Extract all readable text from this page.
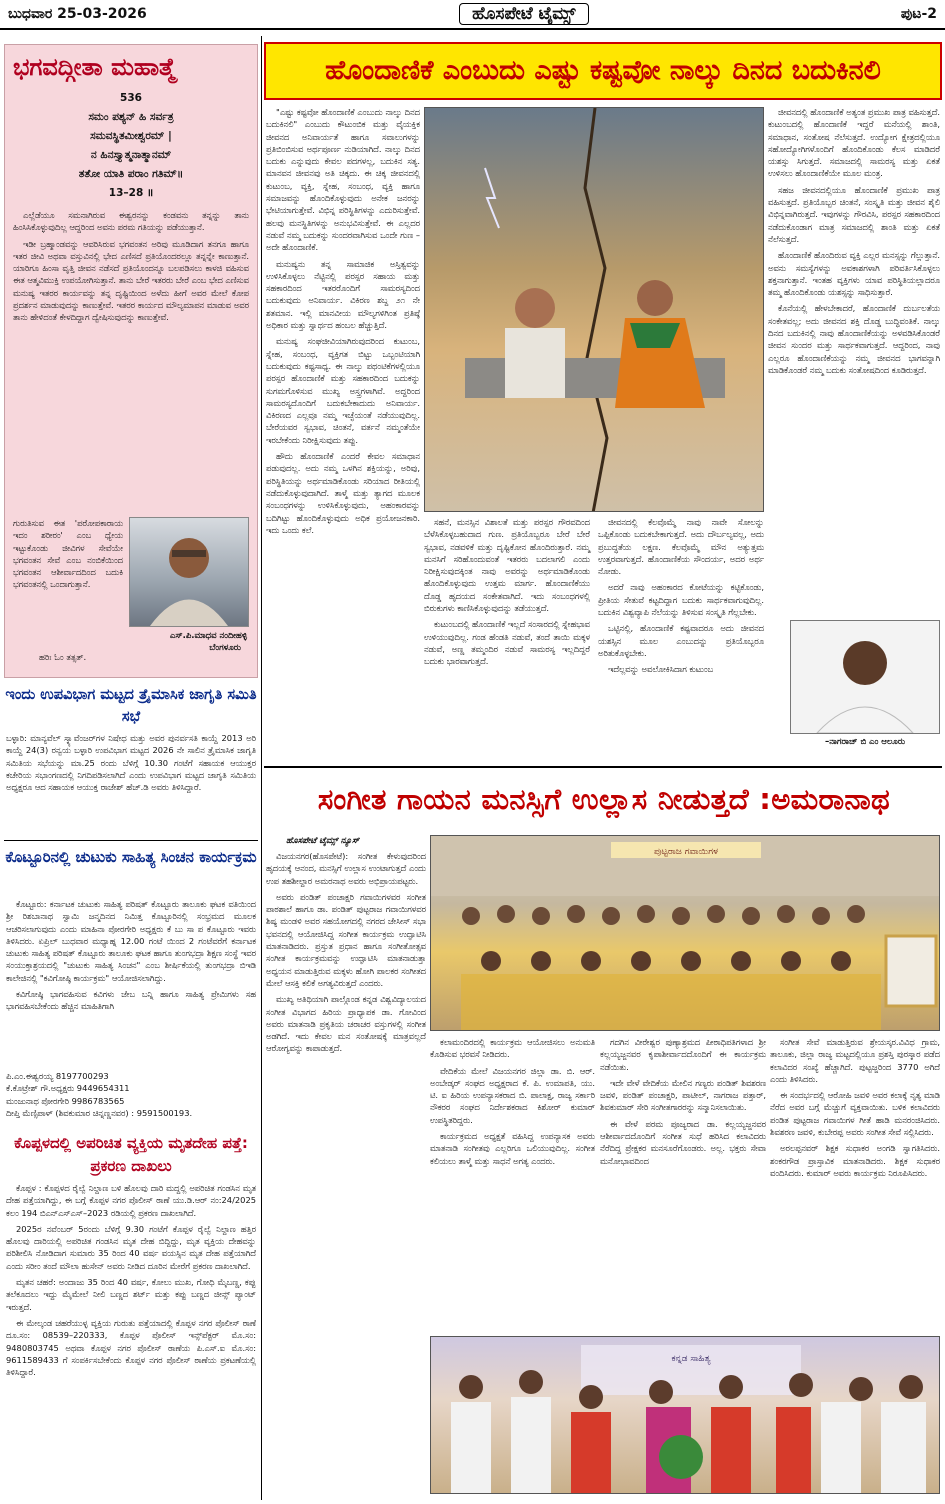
ಬುಧವಾರ 25-03-2026	ಹೊಸಪೇಟೆ ಟೈಮ್ಸ್	ಪುಟ-2
ಭಗವದ್ಗೀತಾ ಮಹಾತ್ಮೆ
536
ಸಮಂ ಪಶ್ಯನ್ ಹಿ ಸರ್ವತ್ರ
ಸಮವಸ್ಥಿತಮೀಶ್ವರಮ್ |
ನ ಹಿನಸ್ತ್ಯಾತ್ಮನಾತ್ಮಾನಮ್
ತತೋ ಯಾತಿ ಪರಾಂ ಗತಿಮ್॥
13–28 ॥

ಎಲ್ಲೆಡೆಯೂ ಸಮನಾಗಿರುವ ಈಶ್ವರನನ್ನು ಕಂಡವನು ತನ್ನನ್ನು ತಾನು ಹಿಂಸಿಸಿಕೊಳ್ಳುವುದಿಲ್ಲ ಆದ್ದರಿಂದ ಅವನು ಪರಮ ಗತಿಯನ್ನು ಪಡೆಯುತ್ತಾನೆ.

ಇಡೀ ಬ್ರಹ್ಮಾಂಡವನ್ನು ಆವರಿಸಿರುವ ಭಗವಂತನ ಅರಿವು ಮೂಡಿದಾಗ ತನಗೂ ಹಾಗೂ ಇತರ ಜೀವಿ ಅಥವಾ ವಸ್ತುವಿನಲ್ಲಿ ಭೇದ ಎಣಿಸದೆ ಪ್ರತಿಯೊಂದರಲ್ಲೂ ತನ್ನನ್ನೇ ಕಾಣುತ್ತಾನೆ. ಯಾರಿಗೂ ಹಿಂಸಾ ವೃತ್ತಿ ಜೀವನ ನಡೆಸದೆ ಪ್ರತಿಯೊಂದನ್ನೂ ಬಲಪಡಿಸಲು ಕಾಳಜಿ ವಹಿಸುವ ಈತ ಆತ್ಮವಿಮುಕ್ತಿ ಉಪಯೋಗಿಸುತ್ತಾನೆ. ತಾನು ಬೇರೆ ಇತರರು ಬೇರೆ ಎಂಬ ಭೇದ ಎಣಿಸುವ ಮನುಷ್ಯ ಇತರರ ಕಾರ್ಯವನ್ನು ತನ್ನ ದೃಷ್ಟಿಯಿಂದ ಅಳೆದು ಹೀಗೆ ಅವರ ಮೇಲೆ ಕೋಪ ಪ್ರದರ್ಶನ ಮಾಡುವುದನ್ನು ಕಾಣುತ್ತೇವೆ. ಇತರರ ಕಾರ್ಯದ ಮೌಲ್ಯಮಾಪನ ಮಾಡುವ ಅವರ ತಾನು ಹೇಳಿದಂತೆ ಕೇಳದಿದ್ದಾಗ ದ್ವೇಷಿಸುವುದನ್ನು ಕಾಣುತ್ತೇವೆ.

ಗುರುತಿಸುವ ಈತ 'ಪರೋಪಕಾರಾಯ ಇದಂ ಶರೀರಂ' ಎಂಬ ಧ್ಯೇಯ ಇಟ್ಟುಕೊಂಡು ಜೀವಿಗಳ ಸೇವೆಯೇ ಭಗವಂತನ ಸೇವೆ ಎಂಬ ನಂಬಿಕೆಯಿಂದ ಭಗವಂತನ ಆಶೀರ್ವಾದದಿಂದ ಬದುಕಿ ಭಗವಂತನಲ್ಲಿ ಒಂದಾಗುತ್ತಾನೆ.
ಎಸ್.ಪಿ.ಮಾಧವ ನಂದೀಹಳ್ಳಿ
ಬೆಂಗಳೂರು
ಹರಿಃ ಓಂ ತತ್ಸತ್.
ಇಂದು ಉಪವಿಭಾಗ ಮಟ್ಟದ ತ್ರೈಮಾಸಿಕ ಜಾಗೃತಿ ಸಮಿತಿ ಸಭೆ
ಬಳ್ಳಾರಿ: ಮಾನ್ಯವೆಲ್ ಸ್ಕ್ಯಾವೆಂಜರ್‌ಗಳ ನಿಷೇಧ ಮತ್ತು ಅವರ ಪುನರ್ವಸತಿ ಕಾಯ್ದೆ 2013 ಅರಿ ಕಾಯ್ದೆ 24(3) ರನ್ವಯ ಬಳ್ಳಾರಿ ಉಪವಿಭಾಗ ಮಟ್ಟದ 2026 ನೇ ಸಾಲಿನ ತ್ರೈಮಾಸಿಕ ಜಾಗೃತಿ ಸಮಿತಿಯ ಸಭೆಯನ್ನು ಮಾ.25 ರಂದು ಬೆಳಿಗ್ಗೆ 10.30 ಗಂಟೆಗೆ ಸಹಾಯಕ ಆಯುಕ್ತರ ಕಚೇರಿಯ ಸಭಾಂಗಣದಲ್ಲಿ ನಿಗದಿಪಡಿಸಲಾಗಿದೆ ಎಂದು ಉಪವಿಭಾಗ ಮಟ್ಟದ ಜಾಗೃತಿ ಸಮಿತಿಯ ಅಧ್ಯಕ್ಷರೂ ಆದ ಸಹಾಯಕ ಆಯುಕ್ತ ರಾಜೇಶ್ ಹೆಚ್.ಡಿ ಅವರು ತಿಳಿಸಿದ್ದಾರೆ.
ಕೊಟ್ಟೂರಿನಲ್ಲಿ ಚುಟುಕು ಸಾಹಿತ್ಯ ಸಿಂಚನ ಕಾರ್ಯಕ್ರಮ

ಕೊಟ್ಟೂರು: ಕರ್ನಾಟಕ ಚುಟುಕು ಸಾಹಿತ್ಯ ಪರಿಷತ್ ಕೊಟ್ಟೂರು ತಾಲೂಕು ಘಟಕ ವತಿಯಿಂದ ಶ್ರೀ ರಿಶಬಾನಾಥ ಸ್ವಾಮಿ ಜನ್ಮದಿನದ ನಿಮಿತ್ತ ಕೊಟ್ಟೂರಿನಲ್ಲಿ ಸಂಭ್ರಮದ ಮೂಲಕ ಆಚರಿಸಲಾಗುವುದು ಎಂದು ಮಾಹಿನಾ ಪೋರಗೇರಿ ಅಧ್ಯಕ್ಷರು ಕೆ ಬು ಸಾ ಪ ಕೊಟ್ಟೂರು ಇವರು ತಿಳಿಸಿದರು. ಏಪ್ರಿಲ್ ಬುಧವಾರ ಮಧ್ಯಾಹ್ನ 12.00 ಗಂಟೆ ಯಿಂದ 2 ಗಂಟೆವರೆಗೆ ಕರ್ನಾಟಕ ಚುಟುಕು ಸಾಹಿತ್ಯ ಪರಿಷತ್ ಕೊಟ್ಟೂರು ತಾಲೂಕು ಘಟಕ ಹಾಗೂ ತುಂಗಭದ್ರಾ ಶಿಕ್ಷಣ ಸಂಸ್ಥೆ ಇವರ ಸಂಯುಕ್ತಾಶ್ರಯದಲ್ಲಿ "ಚುಟುಕು ಸಾಹಿತ್ಯ ಸಿಂಚನ" ಎಂಬ ಶೀರ್ಷಿಕೆಯಲ್ಲಿ ತುಂಗಭದ್ರಾ ಬಿಇಡಿ ಕಾಲೇಜಿನಲ್ಲಿ "ಕವಿಗೋಷ್ಠಿ ಕಾರ್ಯಕ್ರಮ" ಆಯೋಜಿಸಲಾಗಿದ್ದು.

ಕವಿಗೋಷ್ಠಿ ಭಾಗವಹಿಸುವ ಕವಿಗಳು ಜೇಬ ಬನ್ನಿ ಹಾಗೂ ಸಾಹಿತ್ಯ ಪ್ರೇಮಿಗಳು ಸಹ ಭಾಗವಹಿಸಬೇಕೆಂದು ಹೆಚ್ಚಿನ ಮಾಹಿತಿಗಾಗಿ

ಪಿ.ಎಂ.ಈಶ್ವರಯ್ಯ 8197700293
ಕೆ.ಕೊಟ್ರೇಶ್ ಗೌ.ಅಧ್ಯಕ್ಷರು 9449654311
ಮಂಜುನಾಥ ಪೋರಗೇರಿ 9986783565
ದೀಪ್ತಿ ಮೆಣ್ಸಿಪಾಳ್ (ಶಿವಕುಮಾರ ಚಿನ್ನಣ್ಣನವರ) : 9591500193.
ಕೊಪ್ಪಳದಲ್ಲಿ ಅಪರಿಚಿತ ವ್ಯಕ್ತಿಯ ಮೃತದೇಹ ಪತ್ತೆ: ಪ್ರಕರಣ ದಾಖಲು

ಕೊಪ್ಪಳ : ಕೊಪ್ಪಳದ ರೈಲ್ವೆ ನಿಲ್ದಾಣ ಬಳಿ ಹೊಲವು ದಾರಿ ಮದ್ದಲ್ಲಿ ಅಪರಿಚಿತ ಗಂಡಸಿನ ಮೃತ ದೇಹ ಪತ್ತೆಯಾಗಿದ್ದು, ಈ ಬಗ್ಗೆ ಕೊಪ್ಪಳ ನಗರ ಪೊಲೀಸ್ ಠಾಣೆ ಯು.ಡಿ.ಆರ್ ನಂ:24/2025 ಕಲಂ 194 ಬಿಎನ್‌ಎಸ್‌ಎಸ್–2023 ರಡಿಯಲ್ಲಿ ಪ್ರಕರಣ ದಾಖಲಾಗಿದೆ.

2025ರ ನವೆಂಬರ್ 5ರಂದು ಬೆಳಿಗ್ಗೆ 9.30 ಗಂಟೆಗೆ ಕೊಪ್ಪಳ ರೈಲ್ವೆ ನಿಲ್ದಾಣ ಹತ್ತಿರ ಹೊಲವು ದಾರಿಯಲ್ಲಿ ಅಪರಿಚಿತ ಗಂಡಸಿನ ಮೃತ ದೇಹ ಬಿದ್ದಿದ್ದು, ಮೃತ ವ್ಯಕ್ತಿಯ ದೇಹವನ್ನು ಪರಿಶೀಲಿಸಿ ನೋಡಿದಾಗ ಸುಮಾರು 35 ರಿಂದ 40 ವರ್ಷ ವಯಸ್ಸಿನ ಮೃತ ದೇಹ ಪತ್ತೆಯಾಗಿದೆ ಎಂದು ಸರೀಂ ತಂದೆ ಮೌಲಾ ಹುಸೇನ್ ಅವರು ನೀಡಿದ ದೂರಿನ ಮೇರೆಗೆ ಪ್ರಕರಣ ದಾಖಲಾಗಿದೆ.

ಮೃತನ ಚಹರೆ: ಅಂದಾಜು 35 ರಿಂದ 40 ವರ್ಷ, ಕೋಲು ಮುಖ, ಗೋಧಿ ಮೈಬಣ್ಣ, ಕಪ್ಪು ತಲೆಕೂದಲು ಇದ್ದು ಮೈಮೇಲೆ ನೀಲಿ ಬಣ್ಣದ ಶರ್ಟ್ ಮತ್ತು ಕಪ್ಪು ಬಣ್ಣದ ಜೀನ್ಸ್ ಪ್ಯಾಂಟ್ ಇರುತ್ತದೆ.

ಈ ಮೇಲ್ಕಂಡ ಚಹರೆಯುಳ್ಳ ವ್ಯಕ್ತಿಯ ಗುರುತು ಪತ್ತೆಯಾದಲ್ಲಿ ಕೊಪ್ಪಳ ನಗರ ಪೊಲೀಸ್ ಠಾಣೆ ದೂ.ಸಂ: 08539–220333, ಕೊಪ್ಪಳ ಪೊಲೀಸ್ ಇನ್ಸ್‌ಪೆಕ್ಟರ್ ಮೊ.ಸಂ: 9480803745 ಅಥವಾ ಕೊಪ್ಪಳ ನಗರ ಪೊಲೀಸ್ ಠಾಣೆಯ ಪಿ.ಎಸ್.ಐ ಮೊ.ಸಂ: 9611589433 ಗೆ ಸಂಪರ್ಕಿಸಬೇಕೆಂದು ಕೊಪ್ಪಳ ನಗರ ಪೊಲೀಸ್ ಠಾಣೆಯ ಪ್ರಕಟಣೆಯಲ್ಲಿ ತಿಳಿಸಿದ್ದಾರೆ.

ಹೊಂದಾಣಿಕೆ ಎಂಬುದು ಎಷ್ಟು ಕಷ್ಟವೋ ನಾಲ್ಕು ದಿನದ ಬದುಕಿನಲಿ

"ಎಷ್ಟು ಕಷ್ಟವೋ ಹೊಂದಾಣಿಕೆ ಎಂಬುದು ನಾಲ್ಕು ದಿನದ ಬದುಕಿನಲಿ" ಎಂಬುದು ಕೌಟುಂಬಿಕ ಮತ್ತು ವೈಯಕ್ತಿಕ ಜೀವನದ ಅನಿವಾರ್ಯತೆ ಹಾಗೂ ಸವಾಲುಗಳನ್ನು ಪ್ರತಿಬಿಂಬಿಸುವ ಅರ್ಥಪೂರ್ಣ ನುಡಿಯಾಗಿದೆ. ನಾಲ್ಕು ದಿನದ ಬದುಕು ಎನ್ನುವುದು ಕೇವಲ ಪದಗಳಲ್ಲ, ಬದುಕಿನ ಸತ್ಯ. ಮಾನವನ ಜೀವನವು ಅತಿ ಚಿಕ್ಕದು. ಈ ಚಿಕ್ಕ ಜೀವನದಲ್ಲಿ ಕುಟುಂಬ, ವ್ಯಕ್ತಿ, ಸ್ನೇಹ, ಸಂಬಂಧ, ವ್ಯಕ್ತಿ ಹಾಗೂ ಸಮಾಜವನ್ನು ಹೊಂದಿಕೊಳ್ಳುವುದು ಅನೇಕ ಜನರನ್ನು ಭೇಟಿಯಾಗುತ್ತೇವೆ. ವಿಭಿನ್ನ ಪರಿಸ್ಥಿತಿಗಳನ್ನು ಎದುರಿಸುತ್ತೇವೆ. ಹಲವು ಮನಸ್ಥಿತಿಗಳನ್ನು ಅನುಭವಿಸುತ್ತೇವೆ. ಈ ಎಲ್ಲದರ ನಡುವೆ ನಮ್ಮ ಬದುಕನ್ನು ಸುಂದರವಾಗಿಸುವ ಒಂದೇ ಗುಣ – ಅದೇ ಹೊಂದಾಣಿಕೆ.

ಮನುಷ್ಯನು ತನ್ನ ಸಾಮಾಜಿಕ ಅಸ್ತಿತ್ವವನ್ನು ಉಳಿಸಿಕೊಳ್ಳಲು ನೆಟ್ಟಿನಲ್ಲಿ ಪರಸ್ಪರ ಸಹಾಯ ಮತ್ತು ಸಹಕಾರದಿಂದ ಇತರರೊಂದಿಗೆ ಸಾಮರಸ್ಯದಿಂದ ಬದುಕುವುದು ಅನಿವಾರ್ಯ. ವಿಕಿರಣ ಶಬ್ದ ೨೧ ನೇ ಶತಮಾನ. ಇಲ್ಲಿ ಮಾನವೀಯ ಮೌಲ್ಯಗಳಿಗಿಂತ ಪ್ರತಿಷ್ಠೆ ಅಧಿಕಾರ ಮತ್ತು ಸ್ವಾರ್ಥದ ಹಂಬಲ ಹೆಚ್ಚುತ್ತಿದೆ.

ಮನುಷ್ಯ ಸಂಘಜೀವಿಯಾಗಿರುವುದರಿಂದ ಕುಟುಂಬ, ಸ್ನೇಹ, ಸಂಬಂಧ, ವ್ಯಕ್ತಿಗತ ಬಿಟ್ಟು ಒಬ್ಬಂಟಿಯಾಗಿ ಬದುಕುವುದು ಕಷ್ಟಸಾಧ್ಯ. ಈ ನಾಲ್ಕು ಪಥಂಟಿಕೆಗಳಲ್ಲಿಯೂ ಪರಸ್ಪರ ಹೊಂದಾಣಿಕೆ ಮತ್ತು ಸಹಕಾರದಿಂದ ಬದುಕನ್ನು ಸುಗಮಗೊಳಿಸುವ ಮುಖ್ಯ ಅಸ್ತ್ರಗಳಾಗಿವೆ. ಅದ್ದರಿಂದ ಸಾಮರಸ್ಯದೊಂದಿಗೆ ಬದುಕಬೇಕಾದುದು ಅನಿವಾರ್ಯ. ವಿಕಿರಣದ ಎಲ್ಲವೂ ನಮ್ಮ ಇಚ್ಛೆಯಂತೆ ನಡೆಯುವುದಿಲ್ಲ. ಬೇರೆಯವರ ಸ್ವಭಾವ, ಚಿಂತನೆ, ವರ್ತನೆ ನಮ್ಮಂತೆಯೇ ಇರಬೇಕೆಂದು ನಿರೀಕ್ಷಿಸುವುದು ತಪ್ಪು.

ಹೌದು ಹೊಂದಾಣಿಕೆ ಎಂದರೆ ಕೇವಲ ಸಮಾಧಾನ ಪಡುವುದಲ್ಲ. ಅದು ನಮ್ಮ ಒಳಗಿನ ಶಕ್ತಿಯನ್ನು, ಅರಿವು, ಪರಿಸ್ಥಿತಿಯನ್ನು ಅರ್ಥಮಾಡಿಕೊಂಡು ಸರಿಯಾದ ರೀತಿಯಲ್ಲಿ ನಡೆದುಕೊಳ್ಳುವುದಾಗಿದೆ. ತಾಳ್ಮೆ ಮತ್ತು ತ್ಯಾಗದ ಮೂಲಕ ಸಂಬಂಧಗಳನ್ನು ಉಳಿಸಿಕೊಳ್ಳುವುದು, ಅಹಂಕಾರವನ್ನು ಬದಿಗಿಟ್ಟು ಹೊಂದಿಕೊಳ್ಳುವುದು ಅಧಿಕ ಪ್ರಯೋಜನಕಾರಿ. ಇದು ಒಂದು ಕಲೆ.

ಸಹನೆ, ಮನಸ್ಸಿನ ವಿಶಾಲತೆ ಮತ್ತು ಪರಸ್ಪರ ಗೌರವದಿಂದ ಬೆಳೆಸಿಕೊಳ್ಳಬಹುದಾದ ಗುಣ. ಪ್ರತಿಯೊಬ್ಬರೂ ಬೇರೆ ಬೇರೆ ಸ್ವಭಾವ, ನಡವಳಿಕೆ ಮತ್ತು ದೃಷ್ಟಿಕೋನ ಹೊಂದಿರುತ್ತಾರೆ. ನಮ್ಮ ಮನಸಿಗೆ ಸರಿಹೊಂದುವಂತೆ ಇತರರು ಬದಲಾಗಲಿ ಎಂದು ನಿರೀಕ್ಷಿಸುವುದಕ್ಕಿಂತ ನಾವು ಅವರನ್ನು ಅರ್ಥಮಾಡಿಕೊಂಡು ಹೊಂದಿಕೊಳ್ಳುವುದು ಉತ್ತಮ ಮಾರ್ಗ. ಹೊಂದಾಣಿಕೆಯು ದೊಡ್ಡ ಹೃದಯದ ಸಂಕೇತವಾಗಿದೆ. ಇದು ಸಂಬಂಧಗಳಲ್ಲಿ ಬಿರುಕುಗಳು ಕಾಣಿಸಿಕೊಳ್ಳುವುದನ್ನು ತಡೆಯುತ್ತದೆ.

ಕುಟುಂಬದಲ್ಲಿ ಹೊಂದಾಣಿಕೆ ಇಲ್ಲದೆ ಸಂಸಾರದಲ್ಲಿ ಸ್ನೇಹಭಾವ ಉಳಿಯುವುದಿಲ್ಲ. ಗಂಡ ಹೆಂಡತಿ ನಡುವೆ, ತಂದೆ ತಾಯಿ ಮಕ್ಕಳ ನಡುವೆ, ಅಣ್ಣ ತಮ್ಮಂದಿರ ನಡುವೆ ಸಾಮರಸ್ಯ ಇಲ್ಲದಿದ್ದರೆ ಬದುಕು ಭಾರವಾಗುತ್ತದೆ.

ಜೀವನದಲ್ಲಿ ಕೆಲವೊಮ್ಮೆ ನಾವು ನಾವೇ ಸೋಲನ್ನು ಒಪ್ಪಿಕೊಂಡು ಬದುಕಬೇಕಾಗುತ್ತದೆ. ಅದು ದೌರ್ಬಲ್ಯವಲ್ಲ, ಅದು ಪ್ರಬುದ್ಧತೆಯ ಲಕ್ಷಣ. ಕೆಲವೊಮ್ಮೆ ಮೌನ ಅತ್ಯುತ್ತಮ ಉತ್ತರವಾಗುತ್ತದೆ. ಹೊಂದಾಣಿಕೆಯ ಸೌಂದರ್ಯ, ಅದರ ಅರ್ಥ ನೋಡು.

ಅದರೆ ನಾವು ಅಹಂಕಾರದ ಕೋಟೆಯನ್ನು ಕಟ್ಟಿಕೊಂಡು, ಪ್ರೀತಿಯ ಸೇತುವೆ ಕಟ್ಟದಿದ್ದಾಗ ಬದುಕು ಸಾರ್ಥಕವಾಗುವುದಿಲ್ಲ. ಬದುಕಿನ ವಿಶ್ವವ್ಯಾಪಿ ನೆಲೆಯನ್ನು ತಿಳಿಸುವ ಸಂಸ್ಕೃತಿ ಗೆಲ್ಲಬೇಕು.

ಒಟ್ಟಿನಲ್ಲಿ, ಹೊಂದಾಣಿಕೆ ಕಷ್ಟವಾದರೂ ಅದು ಜೀವನದ ಯಶಸ್ಸಿನ ಮೂಲ ಎಂಬುದನ್ನು ಪ್ರತಿಯೊಬ್ಬರೂ ಅರಿತುಕೊಳ್ಳಬೇಕು.

ಇದೆಲ್ಲವನ್ನು ಅವಲೋಕಿಸಿದಾಗ ಕುಟುಂಬ

ಜೀವನದಲ್ಲಿ ಹೊಂದಾಣಿಕೆ ಅತ್ಯಂತ ಪ್ರಮುಖ ಪಾತ್ರ ವಹಿಸುತ್ತದೆ. ಕುಟುಂಬದಲ್ಲಿ ಹೊಂದಾಣಿಕೆ ಇದ್ದರೆ ಮನೆಯಲ್ಲಿ ಶಾಂತಿ, ಸಮಾಧಾನ, ಸಂತೋಷ ನೆಲೆಸುತ್ತದೆ. ಉದ್ಯೋಗ ಕ್ಷೇತ್ರದಲ್ಲಿಯೂ ಸಹೋದ್ಯೋಗಿಗಳೊಂದಿಗೆ ಹೊಂದಿಕೊಂಡು ಕೆಲಸ ಮಾಡಿದರೆ ಯಶಸ್ಸು ಸಿಗುತ್ತದೆ. ಸಮಾಜದಲ್ಲಿ ಸಾಮರಸ್ಯ ಮತ್ತು ಏಕತೆ ಉಳಿಸಲು ಹೊಂದಾಣಿಕೆಯೇ ಮೂಲ ಮಂತ್ರ.

ಸಹಜ ಜೀವನದಲ್ಲಿಯೂ ಹೊಂದಾಣಿಕೆ ಪ್ರಮುಖ ಪಾತ್ರ ವಹಿಸುತ್ತದೆ. ಪ್ರತಿಯೊಬ್ಬರ ಚಿಂತನೆ, ಸಂಸ್ಕೃತಿ ಮತ್ತು ಜೀವನ ಶೈಲಿ ವಿಭಿನ್ನವಾಗಿರುತ್ತದೆ. ಇವುಗಳನ್ನು ಗೌರವಿಸಿ, ಪರಸ್ಪರ ಸಹಕಾರದಿಂದ ನಡೆದುಕೊಂಡಾಗ ಮಾತ್ರ ಸಮಾಜದಲ್ಲಿ ಶಾಂತಿ ಮತ್ತು ಏಕತೆ ನೆಲೆಸುತ್ತದೆ.

ಹೊಂದಾಣಿಕೆ ಹೊಂದಿರುವ ವ್ಯಕ್ತಿ ಎಲ್ಲರ ಮನಸ್ಸನ್ನು ಗೆಲ್ಲುತ್ತಾನೆ. ಅವನು ಸಮಸ್ಯೆಗಳನ್ನು ಅವಕಾಶಗಳಾಗಿ ಪರಿವರ್ತಿಸಿಕೊಳ್ಳಲು ಶಕ್ತನಾಗುತ್ತಾನೆ. ಇಂತಹ ವ್ಯಕ್ತಿಗಳು ಯಾವ ಪರಿಸ್ಥಿತಿಯಲ್ಲಾದರೂ ತಮ್ಮ ಹೊಂದಿಕೊಂಡು ಯಶಸ್ಸನ್ನು ಸಾಧಿಸುತ್ತಾರೆ.

ಕೊನೆಯಲ್ಲಿ ಹೇಳಬೇಕಾದರೆ, ಹೊಂದಾಣಿಕೆ ದುರ್ಬಲತೆಯ ಸಂಕೇತವಲ್ಲ; ಅದು ಜೀವನದ ಶಕ್ತಿ ದೊಡ್ಡ ಬುದ್ಧಿವಂತಿಕೆ. ನಾಲ್ಕು ದಿನದ ಬದುಕಿನಲ್ಲಿ ನಾವು ಹೊಂದಾಣಿಕೆಯನ್ನು ಅಳವಡಿಸಿಕೊಂಡರೆ ಜೀವನ ಸುಂದರ ಮತ್ತು ಸಾರ್ಥಕವಾಗುತ್ತದೆ. ಆದ್ದರಿಂದ, ನಾವು ಎಲ್ಲರೂ ಹೊಂದಾಣಿಕೆಯನ್ನು ನಮ್ಮ ಜೀವನದ ಭಾಗವನ್ನಾಗಿ ಮಾಡಿಕೊಂಡರೆ ನಮ್ಮ ಬದುಕು ಸಂತೋಷದಿಂದ ಕೂಡಿರುತ್ತದೆ.

–ನಾಗರಾಜ್ ಬಿ ಎಂ ಆಲೂರು
ಸಂಗೀತ ಗಾಯನ ಮನಸ್ಸಿಗೆ ಉಲ್ಲಾಸ ನೀಡುತ್ತದೆ :ಅಮರಾನಾಥ
ಹೊಸಪೇಟೆ ಟೈಮ್ಸ್ ನ್ಯೂಸ್

ವಿಜಯನಗರ(ಹೊಸಪೇಟೆ): ಸಂಗೀತ ಕೇಳುವುದರಿಂದ ಹೃದಯಕ್ಕೆ ಆನಂದ, ಮನಸ್ಸಿಗೆ ಉಲ್ಲಾಸ ಉಂಟಾಗುತ್ತದೆ ಎಂದು ಉಪ ತಹಶೀಲ್ದಾರ ಅಮರನಾಥ ಅವರು ಅಭಿಪ್ರಾಯಪಟ್ಟರು.

ಅವರು ಪಂಡಿತ್ ಪಂಚಾಕ್ಷರಿ ಗವಾಯಿಗಳವರ ಸಂಗೀತ ಪಾಠಶಾಲೆ ಹಾಗೂ ಡಾ. ಪಂಡಿತ್ ಪುಟ್ಟರಾಜ ಗವಾಯಿಗಳವರ ಶಿಷ್ಯ ಮಂಡಳಿ ಅವರ ಸಹಯೋಗದಲ್ಲಿ ನಗರದ ಜೇಸೀಸ್ ಸಭಾ ಭವನದಲ್ಲಿ ಆಯೋಜಿಸಿದ್ದ ಸಂಗೀತ ಕಾರ್ಯಕ್ರಮ ಉದ್ಘಾಟಿಸಿ ಮಾತನಾಡಿದರು. ಪ್ರಸ್ತುತ ಪ್ರಧಾನ ಹಾಗೂ ಸಂಗೀತೋತ್ಸವ ಸಂಗೀತ ಕಾರ್ಯಕ್ರಮವನ್ನು ಉದ್ಘಾಟಿಸಿ ಮಾತನಾಡುತ್ತಾ ಅಧ್ಯಯನ ಮಾಡುತ್ತಿರುವ ಮಕ್ಕಳು ಹೋಗಿ ಪಾಲಕರ ಸಂಗೀತದ ಮೇಲೆ ಆಸಕ್ತಿ ಕಲಿಕೆ ಅಗತ್ಯವಿರುತ್ತದೆ ಎಂದರು.

ಮುಖ್ಯ ಅತಿಥಿಯಾಗಿ ಪಾಲ್ಗೊಂಡ ಕನ್ನಡ ವಿಶ್ವವಿದ್ಯಾಲಯದ ಸಂಗೀತ ವಿಭಾಗದ ಹಿರಿಯ ಪ್ರಾಧ್ಯಾಪಕ ಡಾ. ಗೋವಿಂದ ಅವರು ಮಾತನಾಡಿ ಪ್ರಕೃತಿಯ ಚರಾಚರ ವಸ್ತುಗಳಲ್ಲಿ ಸಂಗೀತ ಅಡಗಿದೆ. ಇದು ಕೇವಲ ಮನ ಸಂತೋಷಕ್ಕೆ ಮಾತ್ರವಲ್ಲದೆ ಆರೋಗ್ಯವನ್ನು ಕಾಪಾಡುತ್ತದೆ.

ಪುಟ್ಟರಾಜ ಗವಾಯಿಗಳ

ಕಲಾಮಂದಿರದಲ್ಲಿ ಕಾರ್ಯಕ್ರಮ ಆಯೋಜಿಸಲು ಅನುಮತಿ ಕೊಡಿಸುವ ಭರವಸೆ ನೀಡಿದರು.

ವೇದಿಕೆಯ ಮೇಲೆ ವಿಜಯನಗರ ಜಿಲ್ಲಾ ಡಾ. ಬಿ. ಆರ್. ಅಂಬೇಡ್ಕರ್ ಸಂಘದ ಅಧ್ಯಕ್ಷರಾದ ಕೆ. ಪಿ. ಉಮಾಪತಿ, ಯು. ಟಿ. ಐ ಹಿರಿಯ ಉಪನ್ಯಾಸಕರಾದ ಬಿ. ಪಾಲಾಕ್ಷ, ರಾಜ್ಯ ಸರ್ಕಾರಿ ನೌಕರರ ಸಂಘದ ನಿರ್ದೇಶಕರಾದ ಕಿಶೋರ್ ಕುಮಾರ್ ಉಪಸ್ಥಿತರಿದ್ದರು.

ಕಾರ್ಯಕ್ರಮದ ಅಧ್ಯಕ್ಷತೆ ವಹಿಸಿದ್ದ ಉಪನ್ಯಾಸಕ ಅವರು ಮಾತನಾಡಿ ಸಂಗೀತವು ಎಲ್ಲರಿಗೂ ಒಲಿಯುವುದಿಲ್ಲ. ಸಂಗೀತ ಕಲಿಯಲು ತಾಳ್ಮೆ ಮತ್ತು ಸಾಧನೆ ಅಗತ್ಯ ಎಂದರು.

ಗದಗಿನ ವೀರೇಶ್ವರ ಪುಣ್ಯಾಶ್ರಮದ ಪೀಠಾಧಿಪತಿಗಳಾದ ಶ್ರೀ ಕಲ್ಲಯ್ಯಜ್ಜನವರ ಕೃಪಾಶೀರ್ವಾದದೊಂದಿಗೆ ಈ ಕಾರ್ಯಕ್ರಮ ನಡೆಯಿತು.

ಇದೇ ವೇಳೆ ವೇದಿಕೆಯ ಮೇಲಿನ ಗಣ್ಯರು ಪಂಡಿತ್ ಶಿವಶರಣ ಜವಳಿ, ಪಂಡಿತ್ ಪಂಚಾಕ್ಷರಿ, ಪಾಟೀಲ್, ನಾಗರಾಜ ಪತ್ತಾರ್, ಶಿವಕುಮಾರ್ ಸೇರಿ ಸಂಗೀತಗಾರರನ್ನು ಸನ್ಮಾನಿಸಲಾಯಿತು.

ಈ ವೇಳೆ ಪರಮ ಪೂಜ್ಯರಾದ ಡಾ. ಕಲ್ಲಯ್ಯಜ್ಜನವರ ಆಶೀರ್ವಾದದೊಂದಿಗೆ ಸಂಗೀತ ಸುಧೆ ಹರಿಸಿದ ಕಲಾವಿದರು ನೆರೆದಿದ್ದ ಪ್ರೇಕ್ಷಕರ ಮನಸೂರೆಗೊಂಡರು. ಅಲ್ಲ. ಭಕ್ತರು ಸೇವಾ ಮನೋಭಾವದಿಂದ

ಸಂಗೀತ ಸೇವೆ ಮಾಡುತ್ತಿರುವ ಶ್ರೇಯಸ್ಕರ.ವಿವಿಧ ಗ್ರಾಮ, ತಾಲೂಕು, ಜಿಲ್ಲಾ ರಾಜ್ಯ ಮಟ್ಟದಲ್ಲಿಯೂ ಪ್ರಶಸ್ತಿ ಪುರಸ್ಕಾರ ಪಡೆದ ಕಲಾವಿದರ ಸಂಖ್ಯೆ ಹೆಚ್ಚಾಗಿದೆ. ಪುಟ್ಟಜ್ಜರಿಂದ 3770 ಅಗಿದೆ ಎಂದು ತಿಳಿಸಿದರು.

ಈ ಸಂದರ್ಭದಲ್ಲಿ ಆರೋಹಿ ಜವಳಿ ಅವರ ಕಲಾಕ್ಕೆ ನೃತ್ಯ ಮಾಡಿ ನೆರೆದ ಅವರ ಬಗ್ಗೆ ಮೆಚ್ಚುಗೆ ವ್ಯಕ್ತವಾಯಿತು. ಬಳಿಕ ಕಲಾವಿದರು ಪಂಡಿತ ಪುಟ್ಟರಾಜ ಗವಾಯಿಗಳ ಗೀತೆ ಹಾಡಿ ಮನರಂಜಿಸಿದರು. ಶಿವಶರಣ ಜವಳಿ, ಕುಬೇರಪ್ಪ ಅವರು ಸಂಗೀತ ಸೇವೆ ಸಲ್ಲಿಸಿದರು.

ಅರಲಪ್ಪನವರ್ ಶಿಕ್ಷಕ ಸುಧಾಕರ ಅಂಗಡಿ ಸ್ವಾಗತಿಸಿದರು. ಶಂಕರಗೌಡ ಪ್ರಾಸ್ತಾವಿಕ ಮಾತನಾಡಿದರು. ಶಿಕ್ಷಕ ಸುಧಾಕರ ವಂದಿಸಿದರು. ಕುಮಾರ್ ಅವರು ಕಾರ್ಯಕ್ರಮ ನಿರೂಪಿಸಿದರು.

ಕನ್ನಡ ಸಾಹಿತ್ಯ
